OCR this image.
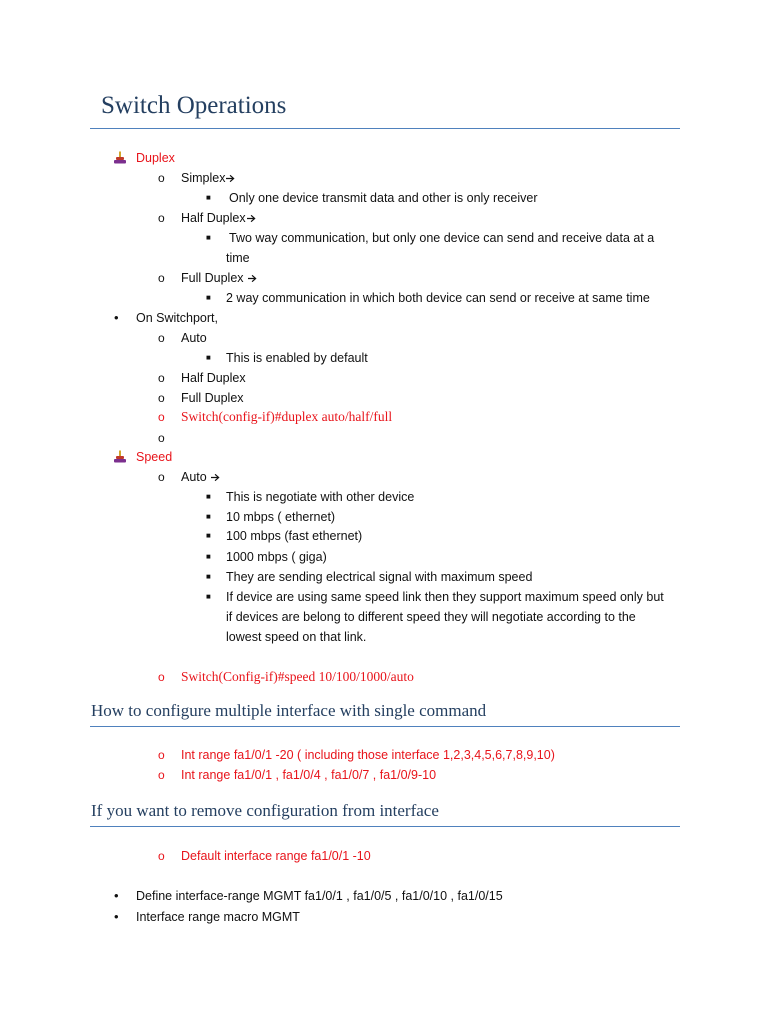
Switch Operations
Duplex
o Simplex
■ Only one device transmit data and other is only receiver
o Half Duplex
■ Two way communication, but only one device can send and receive data at a
time
o Full Duplex
■ 2 way communication in which both device can send or receive at same time
• On Switchport,
o Auto
■ This is enabled by default
o Half Duplex
o Full Duplex
o Switch(config-if)#duplex auto/half/full
o
Speed
o Auto
■ This is negotiate with other device
■ 10 mbps ( ethernet)
■ 100 mbps (fast ethernet)
■ 1000 mbps ( giga)
■ They are sending electrical signal with maximum speed
■ If device are using same speed link then they support maximum speed only but
if devices are belong to different speed they will negotiate according to the
lowest speed on that link.
o Switch(Config-if)#speed 10/100/1000/auto
How to configure multiple interface with single command
o Int range fa1/0/1 -20 ( including those interface 1,2,3,4,5,6,7,8,9,10)
o Int range fa1/0/1 , fa1/0/4 , fa1/0/7 , fa1/0/9-10
If you want to remove configuration from interface
o Default interface range fa1/0/1 -10
• Define interface-range MGMT fa1/0/1 , fa1/0/5 , fa1/0/10 , fa1/0/15
• Interface range macro MGMT
